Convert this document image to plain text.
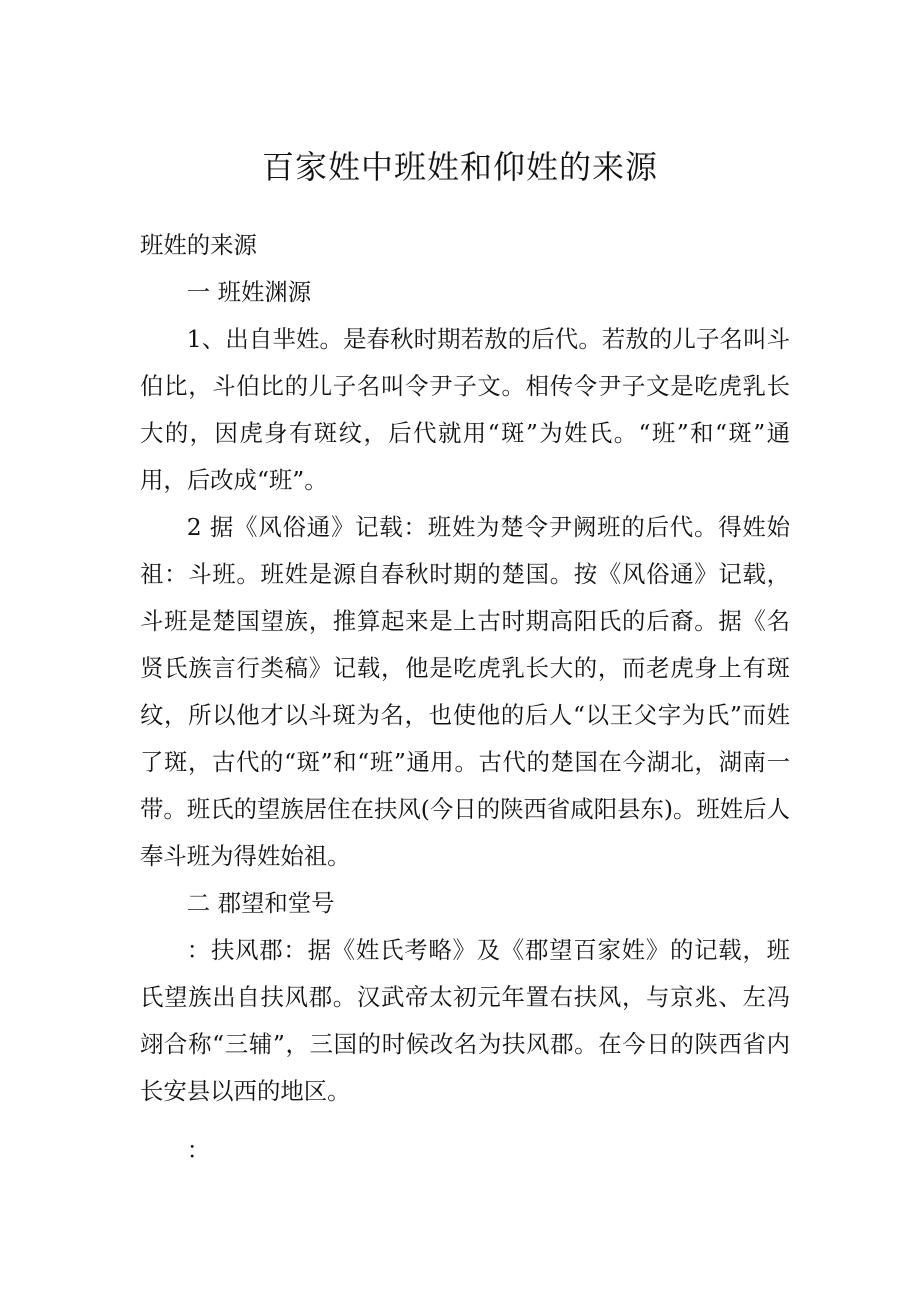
百家姓中班姓和仰姓的来源

班姓的来源

一 班姓渊源

1、出自芈姓。是春秋时期若敖的后代。若敖的儿子名叫斗伯比，斗伯比的儿子名叫令尹子文。相传令尹子文是吃虎乳长大的，因虎身有斑纹，后代就用“斑”为姓氏。“班”和“斑”通用，后改成“班”。

2 据《风俗通》记载：班姓为楚令尹阙班的后代。得姓始祖：斗班。班姓是源自春秋时期的楚国。按《风俗通》记载，斗班是楚国望族，推算起来是上古时期高阳氏的后裔。据《名贤氏族言行类稿》记载，他是吃虎乳长大的，而老虎身上有斑纹，所以他才以斗斑为名，也使他的后人“以王父字为氏”而姓了斑，古代的“斑”和“班”通用。古代的楚国在今湖北，湖南一带。班氏的望族居住在扶风(今日的陕西省咸阳县东)。班姓后人奉斗班为得姓始祖。

二 郡望和堂号

：扶风郡：据《姓氏考略》及《郡望百家姓》的记载，班氏望族出自扶风郡。汉武帝太初元年置右扶风，与京兆、左冯翊合称“三辅”，三国的时候改名为扶风郡。在今日的陕西省内长安县以西的地区。

：
